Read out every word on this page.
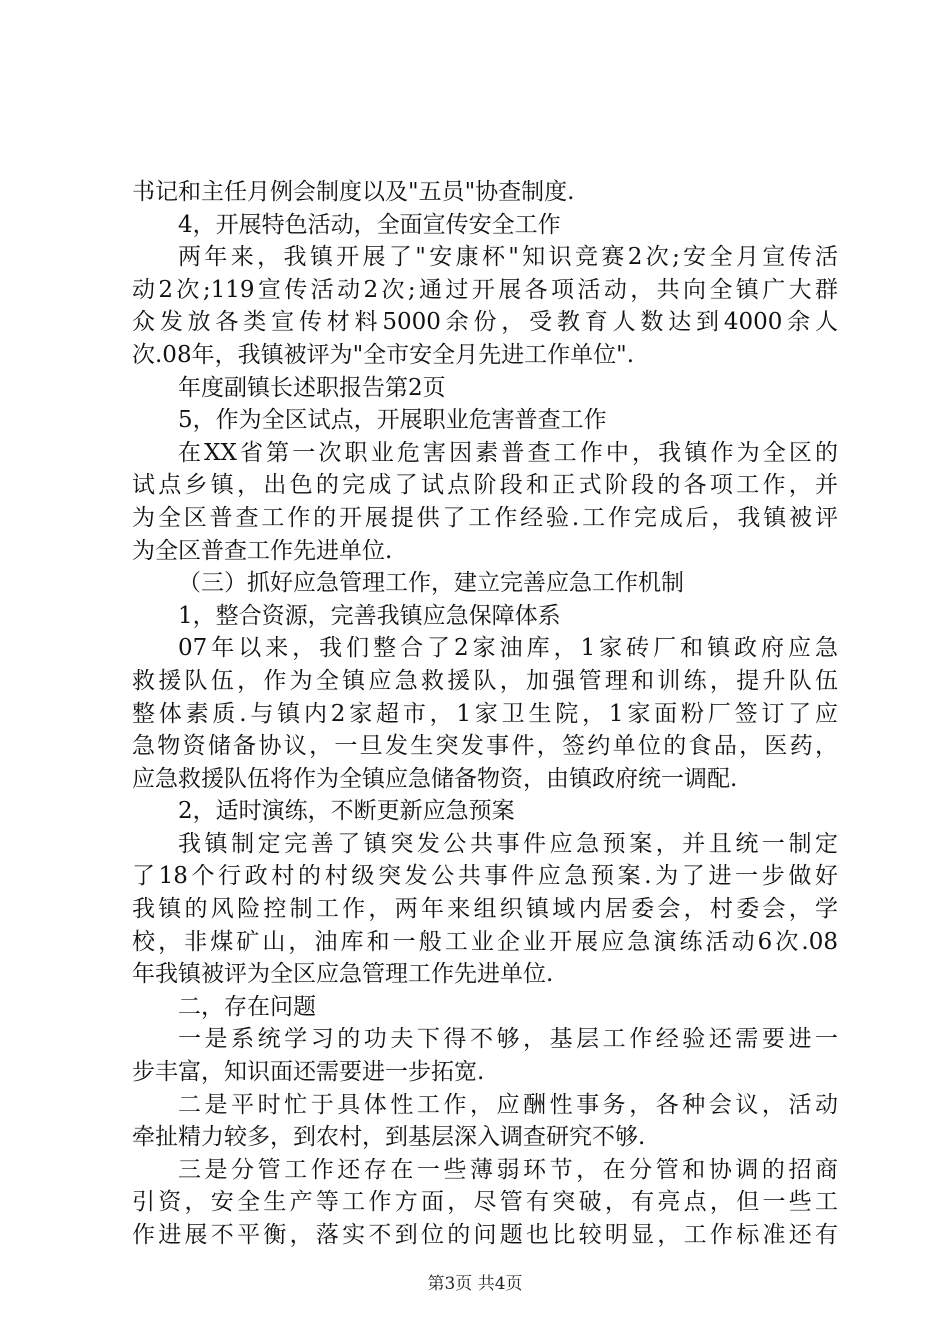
书记和主任月例会制度以及"五员"协查制度.
4，开展特色活动，全面宣传安全工作
两年来，我镇开展了"安康杯"知识竞赛2次;安全月宣传活
动2次;119宣传活动2次;通过开展各项活动，共向全镇广大群
众发放各类宣传材料5000余份，受教育人数达到4000余人
次.08年，我镇被评为"全市安全月先进工作单位".
年度副镇长述职报告第2页
5，作为全区试点，开展职业危害普查工作
在XX省第一次职业危害因素普查工作中，我镇作为全区的
试点乡镇，出色的完成了试点阶段和正式阶段的各项工作，并
为全区普查工作的开展提供了工作经验.工作完成后，我镇被评
为全区普查工作先进单位.
（三）抓好应急管理工作，建立完善应急工作机制
1，整合资源，完善我镇应急保障体系
07年以来，我们整合了2家油库，1家砖厂和镇政府应急
救援队伍，作为全镇应急救援队，加强管理和训练，提升队伍
整体素质.与镇内2家超市，1家卫生院，1家面粉厂签订了应
急物资储备协议，一旦发生突发事件，签约单位的食品，医药，
应急救援队伍将作为全镇应急储备物资，由镇政府统一调配.
2，适时演练，不断更新应急预案
我镇制定完善了镇突发公共事件应急预案，并且统一制定
了18个行政村的村级突发公共事件应急预案.为了进一步做好
我镇的风险控制工作，两年来组织镇域内居委会，村委会，学
校，非煤矿山，油库和一般工业企业开展应急演练活动6次.08
年我镇被评为全区应急管理工作先进单位.
二，存在问题
一是系统学习的功夫下得不够，基层工作经验还需要进一
步丰富，知识面还需要进一步拓宽.
二是平时忙于具体性工作，应酬性事务，各种会议，活动
牵扯精力较多，到农村，到基层深入调查研究不够.
三是分管工作还存在一些薄弱环节，在分管和协调的招商
引资，安全生产等工作方面，尽管有突破，有亮点，但一些工
作进展不平衡，落实不到位的问题也比较明显，工作标准还有
第3页 共4页
